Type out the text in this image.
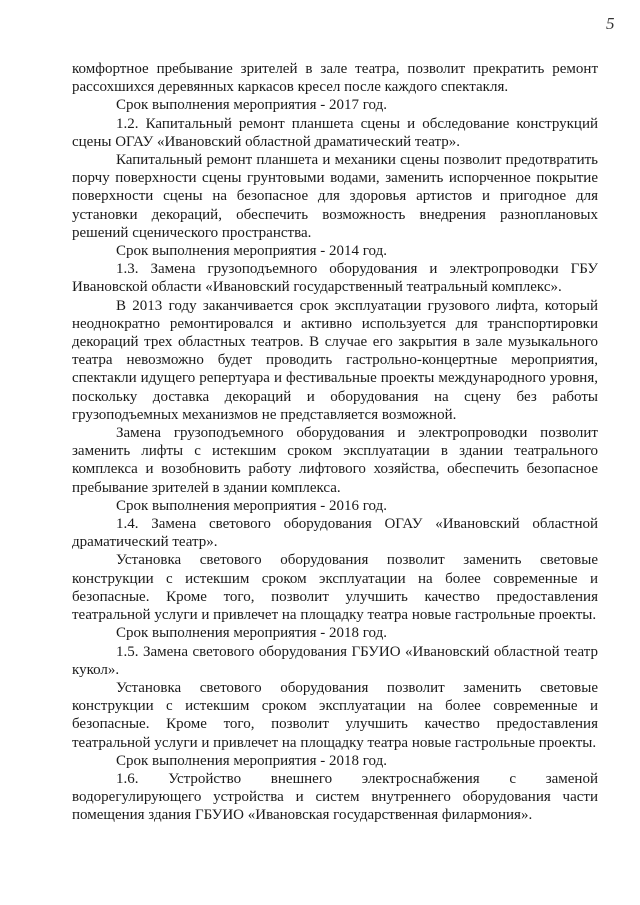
5

комфортное пребывание зрителей в зале театра, позволит прекратить ремонт рассохшихся деревянных каркасов кресел после каждого спектакля.

Срок выполнения мероприятия - 2017 год.

1.2. Капитальный ремонт планшета сцены и обследование конструкций сцены ОГАУ «Ивановский областной драматический театр».

Капитальный ремонт планшета и механики сцены позволит предотвратить порчу поверхности сцены грунтовыми водами, заменить испорченное покрытие поверхности сцены на безопасное для здоровья артистов и пригодное для установки декораций, обеспечить возможность внедрения разноплановых решений сценического пространства.

Срок выполнения мероприятия - 2014 год.

1.3. Замена грузоподъемного оборудования и электропроводки ГБУ Ивановской области «Ивановский государственный театральный комплекс».

В 2013 году заканчивается срок эксплуатации грузового лифта, который неоднократно ремонтировался и активно используется для транспортировки декораций трех областных театров. В случае его закрытия в зале музыкального театра невозможно будет проводить гастрольно-концертные мероприятия, спектакли идущего репертуара и фестивальные проекты международного уровня, поскольку доставка декораций и оборудования на сцену без работы грузоподъемных механизмов не представляется возможной.

Замена грузоподъемного оборудования и электропроводки позволит заменить лифты с истекшим сроком эксплуатации в здании театрального комплекса и возобновить работу лифтового хозяйства, обеспечить безопасное пребывание зрителей в здании комплекса.

Срок выполнения мероприятия - 2016 год.

1.4. Замена светового оборудования ОГАУ «Ивановский областной драматический театр».

Установка светового оборудования позволит заменить световые конструкции с истекшим сроком эксплуатации на более современные и безопасные. Кроме того, позволит улучшить качество предоставления театральной услуги и привлечет на площадку театра новые гастрольные проекты.

Срок выполнения мероприятия - 2018 год.

1.5. Замена светового оборудования ГБУИО «Ивановский областной театр кукол».

Установка светового оборудования позволит заменить световые конструкции с истекшим сроком эксплуатации на более современные и безопасные. Кроме того, позволит улучшить качество предоставления театральной услуги и привлечет на площадку театра новые гастрольные проекты.

Срок выполнения мероприятия - 2018 год.

1.6. Устройство внешнего электроснабжения с заменой водорегулирующего устройства и систем внутреннего оборудования части помещения здания ГБУИО «Ивановская государственная филармония».
